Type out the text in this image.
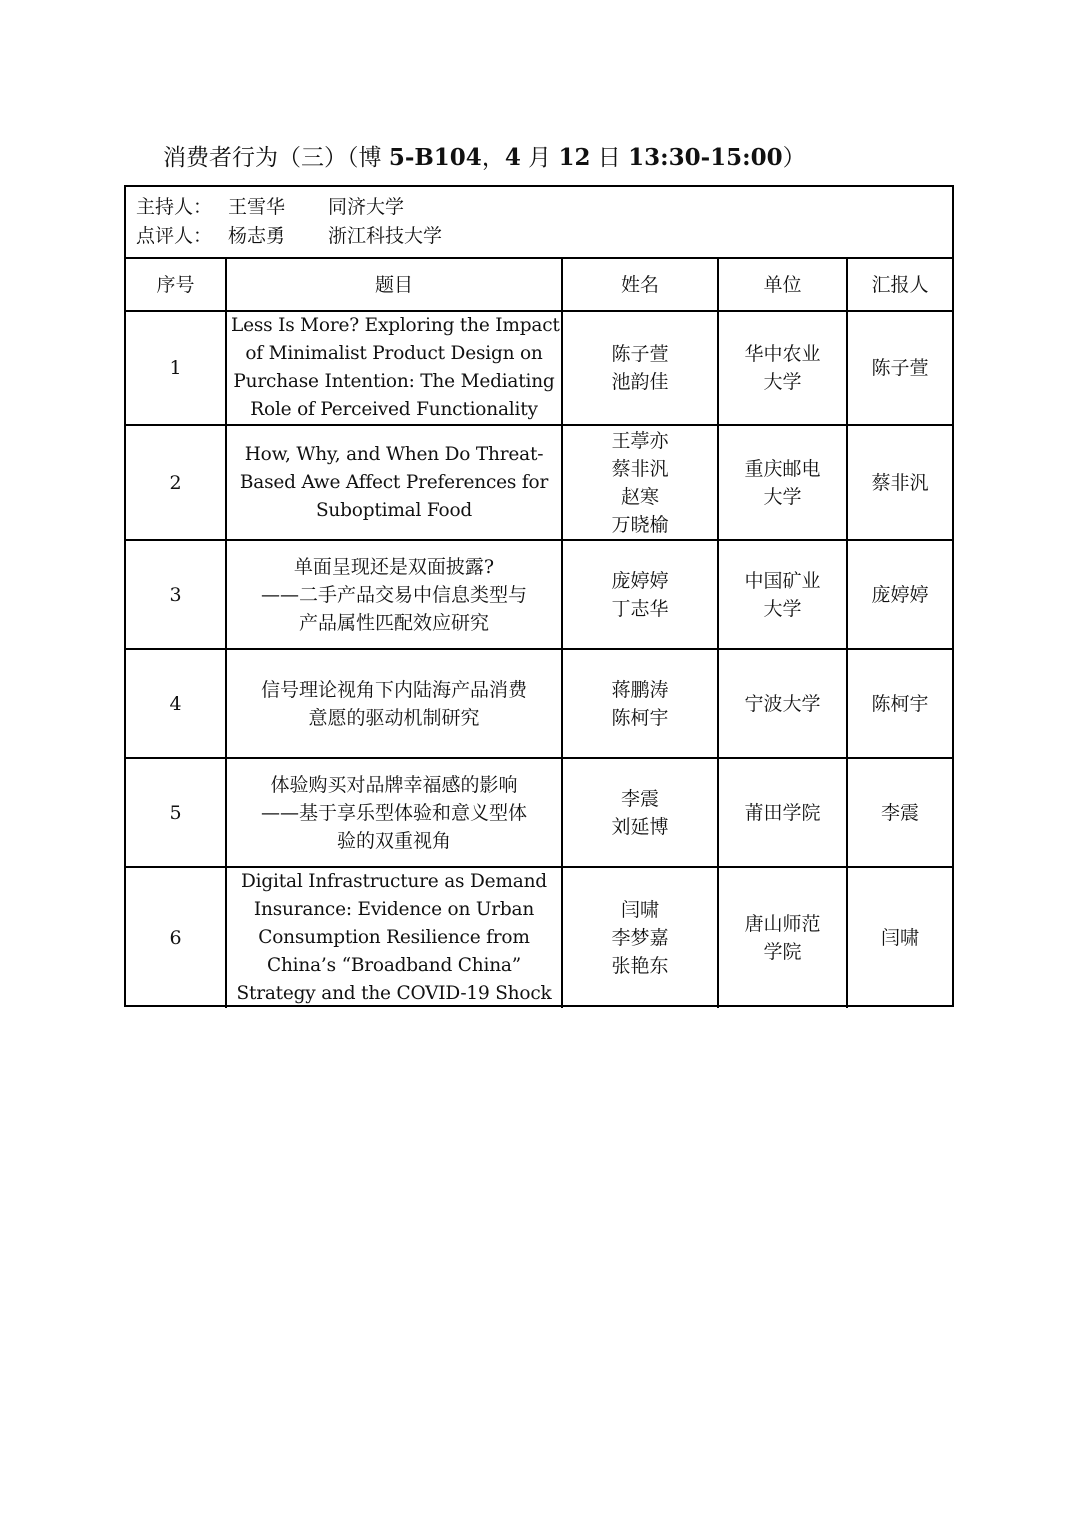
消费者行为（三）（博 5-B104，4 月 12 日 13:30-15:00）
主持人： 王雪华 同济大学
点评人： 杨志勇 浙江科技大学
序号	题目	姓名	单位	汇报人
1	Less Is More? Exploring the Impact
of Minimalist Product Design on
Purchase Intention: The Mediating
Role of Perceived Functionality	陈子萱
池韵佳	华中农业
大学	陈子萱
2	How, Why, and When Do Threat-
Based Awe Affect Preferences for
Suboptimal Food	王葶亦
蔡非汎
赵寒
万晓榆	重庆邮电
大学	蔡非汎
3	单面呈现还是双面披露?
——二手产品交易中信息类型与
产品属性匹配效应研究	庞婷婷
丁志华	中国矿业
大学	庞婷婷
4	信号理论视角下内陆海产品消费
意愿的驱动机制研究	蒋鹏涛
陈柯宇	宁波大学	陈柯宇
5	体验购买对品牌幸福感的影响
——基于享乐型体验和意义型体
验的双重视角	李震
刘延博	莆田学院	李震
6	Digital Infrastructure as Demand
Insurance: Evidence on Urban
Consumption Resilience from
China’s “Broadband China”
Strategy and the COVID-19 Shock	闫啸
李梦嘉
张艳东	唐山师范
学院	闫啸
